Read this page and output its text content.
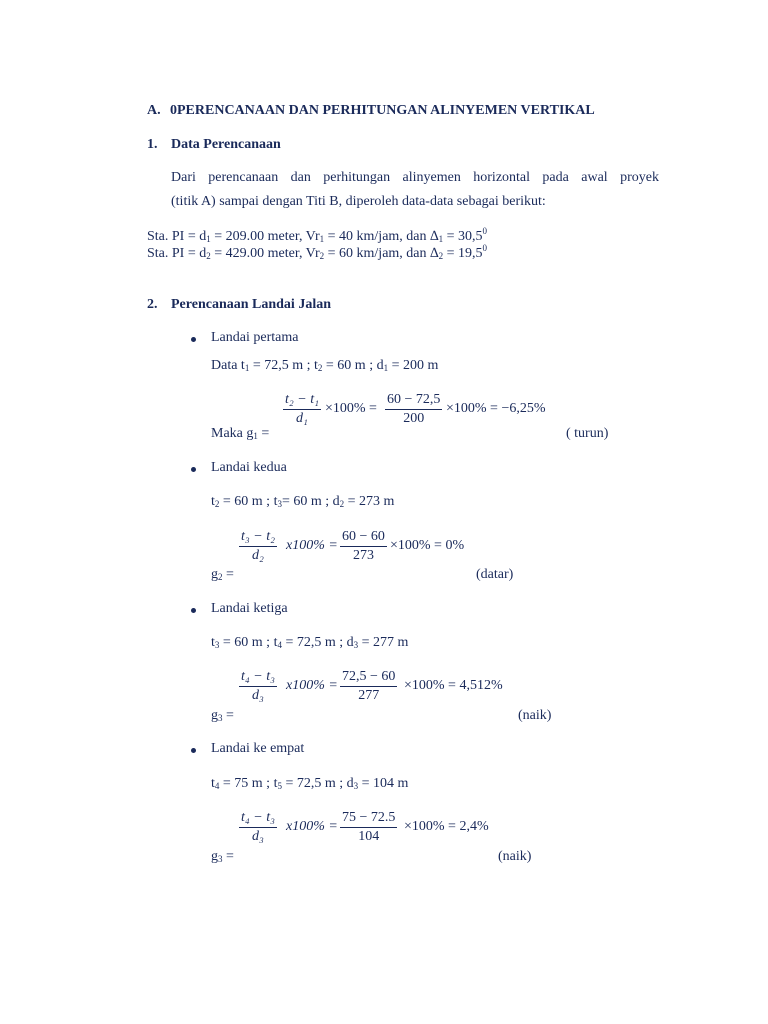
A. 0PERENCANAAN DAN PERHITUNGAN ALINYEMEN VERTIKAL
1. Data Perencanaan
Dari perencanaan dan perhitungan alinyemen horizontal pada awal proyek
(titik A) sampai dengan Titi B, diperoleh data-data sebagai berikut:
Sta. PI = $d_1 = 209.00$ meter, $Vr_1 = 40$ km/jam, dan $\Delta_1 = 30,5^0$
Sta. PI = $d_2 = 429.00$ meter, $Vr_2 = 60$ km/jam, dan $\Delta_2 = 19,5^0$
2. Perencanaan Landai Jalan
Landai pertama
Data $t_1 = 72,5$ m ; $t_2 = 60$ m ; $d_1 = 200$ m
t₂ − t₁
d₁
×100% =
60 − 72,5
200
×100% = −6,25%
Maka $g_1$ =	( turun)
Landai kedua
$t_2 = 60$ m ; $t_3= 60$ m ; $d_2 = 273$ m
t₃ − t₂
d₂
x100% =
60 − 60
273
×100% = 0%
$g_2$ =	(datar)
Landai ketiga
$t_3 = 60$ m ; $t_4 = 72,5$ m ; $d_3 = 277$ m
t₄ − t₃
d₃
x100% =
72,5 − 60
277
×100% = 4,512%
$g_3$ =	(naik)
Landai ke empat
$t_4 = 75$ m ; $t_5 = 72,5$ m ; $d_3 = 104$ m
t₄ − t₃
d₃
x100% =
75 − 72.5
104
×100% = 2,4%
$g_3$ =	(naik)
